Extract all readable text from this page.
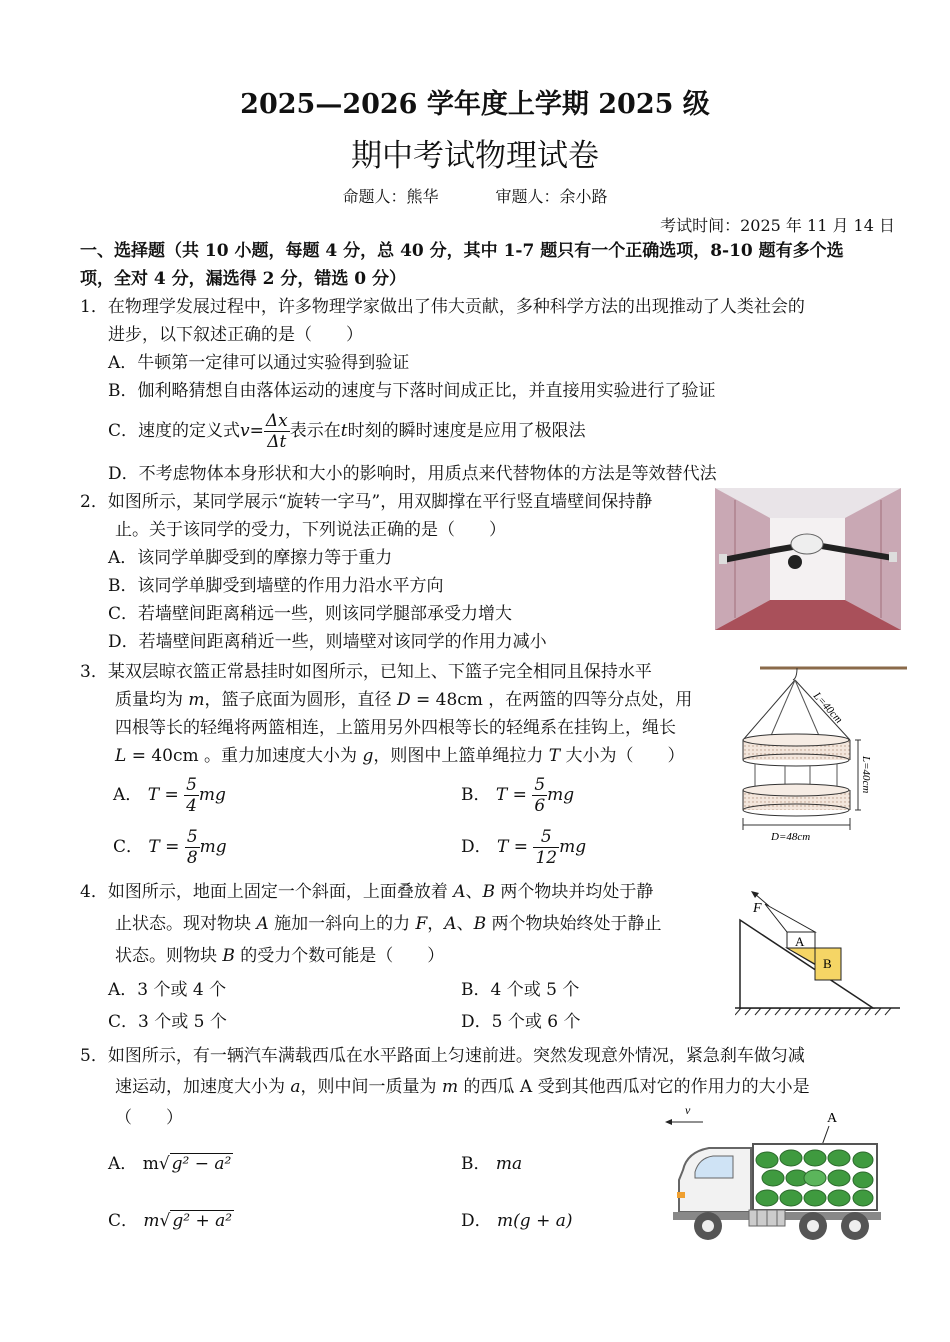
2025—2026 学年度上学期 2025 级
期中考试物理试卷
命题人：熊华	审题人：余小路
考试时间：2025 年 11 月 14 日
一、选择题（共 10 小题，每题 4 分，总 40 分，其中 1-7 题只有一个正确选项，8-10 题有多个选
项，全对 4 分，漏选得 2 分，错选 0 分）
1．在物理学发展过程中，许多物理学家做出了伟大贡献，多种科学方法的出现推动了人类社会的
进步，以下叙述正确的是（　　）
A．牛顿第一定律可以通过实验得到验证
B．伽利略猜想自由落体运动的速度与下落时间成正比，并直接用实验进行了验证
C．速度的定义式$v= \frac{\Delta x}{\Delta t}$ 表示在t时刻的瞬时速度是应用了极限法
D．不考虑物体本身形状和大小的影响时，用质点来代替物体的方法是等效替代法
2．如图所示，某同学展示“旋转一字马”，用双脚撑在平行竖直墙壁间保持静
止。关于该同学的受力，下列说法正确的是（　　）
A．该同学单脚受到的摩擦力等于重力
B．该同学单脚受到墙壁的作用力沿水平方向
C．若墙壁间距离稍远一些，则该同学腿部承受力增大
D．若墙壁间距离稍近一些，则墙壁对该同学的作用力减小
3．某双层晾衣篮正常悬挂时如图所示，已知上、下篮子完全相同且保持水平
质量均为 m，篮子底面为圆形，直径 D = 48cm ，在两篮的四等分点处，用
四根等长的轻绳将两篮相连，上篮用另外四根等长的轻绳系在挂钩上，绳长
L = 40cm 。重力加速度大小为 g，则图中上篮单绳拉力 T 大小为（　　）
A． $T = \frac{5}{4}$ mg	B． $T = \frac{5}{6}$ mg
C． $T = \frac{5}{8}$ mg	D． $T = \frac{5}{12}$ mg
L=40cm
L=40cm
D=48cm
4．如图所示，地面上固定一个斜面，上面叠放着 A、B 两个物块并均处于静
止状态。现对物块 A 施加一斜向上的力 F，A、B 两个物块始终处于静止
状态。则物块 B 的受力个数可能是（　　）
A．3 个或 4 个	B．4 个或 5 个
C．3 个或 5 个	D．5 个或 6 个
F
A
B
5．如图所示，有一辆汽车满载西瓜在水平路面上匀速前进。突然发现意外情况，紧急刹车做匀减
速运动，加速度大小为 a，则中间一质量为 m 的西瓜 A 受到其他西瓜对它的作用力的大小是
（　　）
A． m√ g² − a²	B． ma
C． m√ g² + a²	D． m(g + a)
v
A
